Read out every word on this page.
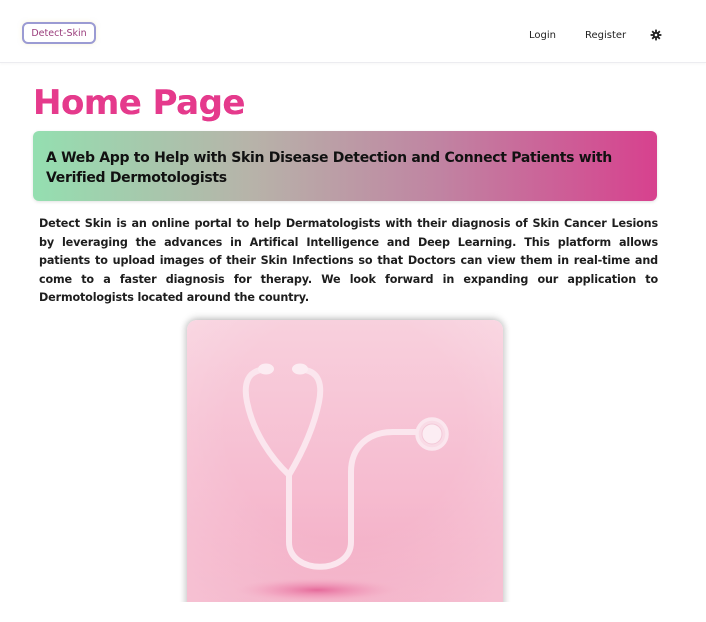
Detect-Skin	Login	Register
Home Page

A Web App to Help with Skin Disease Detection and Connect Patients with Verified Dermotologists

Detect Skin is an online portal to help Dermatologists with their diagnosis of Skin Cancer Lesions by leveraging the advances in Artifical Intelligence and Deep Learning. This platform allows patients to upload images of their Skin Infections so that Doctors can view them in real-time and come to a faster diagnosis for therapy. We look forward in expanding our application to Dermotologists located around the country.
